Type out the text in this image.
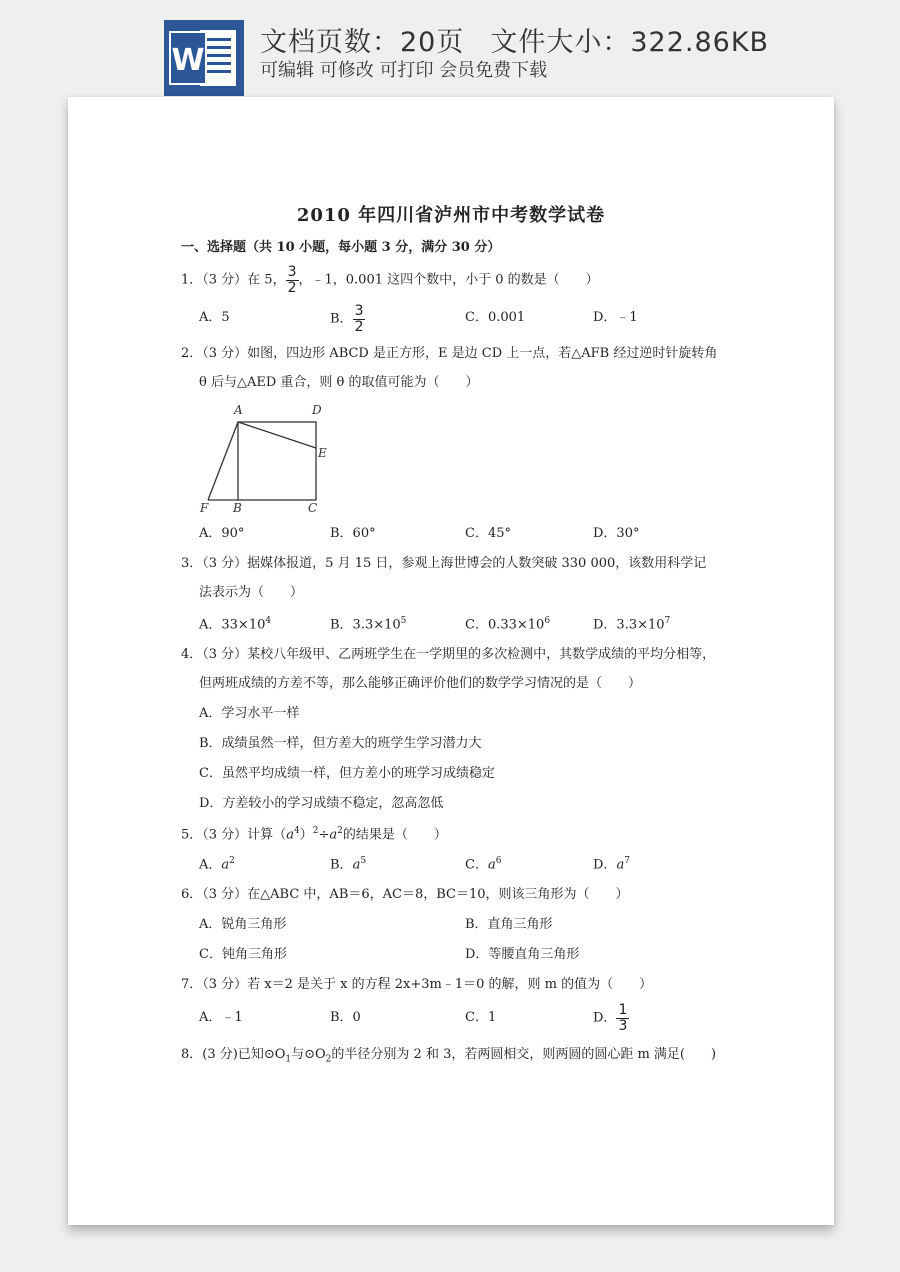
W
文档页数：20页 文件大小：322.86KB
可编辑 可修改 可打印 会员免费下载
2010 年四川省泸州市中考数学试卷
一、选择题（共 10 小题，每小题 3 分，满分 30 分）
1．（3 分）在 5， $\frac{3}{2}$ ，﹣1，0.001 这四个数中，小于 0 的数是（　　）
A．5	B． $\frac{3}{2}$	C．0.001	D．﹣1
2．（3 分）如图，四边形 ABCD 是正方形，E 是边 CD 上一点，若△AFB 经过逆时针旋转角
θ 后与△AED 重合，则 θ 的取值可能为（　　）
A	D
E
F B	C
A．90°	B．60°	C．45°	D．30°
3．（3 分）据媒体报道，5 月 15 日，参观上海世博会的人数突破 330 000，该数用科学记
法表示为（　　）
A．$33\times 10^4$	B．$3.3\times 10^5$	C．$0.33\times 10^6$	D．$3.3\times 10^7$
4．（3 分）某校八年级甲、乙两班学生在一学期里的多次检测中，其数学成绩的平均分相等，
但两班成绩的方差不等，那么能够正确评价他们的数学学习情况的是（　　）
A．学习水平一样
B．成绩虽然一样，但方差大的班学生学习潜力大
C．虽然平均成绩一样，但方差小的班学习成绩稳定
D．方差较小的学习成绩不稳定，忽高忽低
5．（3 分）计算$(a^4)^2\div a^2$的结果是（　　）
A．$a^2$	B．$a^5$	C．$a^6$	D．$a^7$
6．（3 分）在△ABC 中，AB＝6，AC＝8，BC＝10，则该三角形为（　　）
A．锐角三角形	B．直角三角形
C．钝角三角形	D．等腰直角三角形
7．（3 分）若 x＝2 是关于 x 的方程 2x+3m﹣1＝0 的解，则 m 的值为（　　）
A．﹣1	B．0	C．1	D． $\frac{1}{3}$
8．(3 分)已知$⊙O_1$与$⊙O_2$的半径分别为 2 和 3，若两圆相交，则两圆的圆心距 m 满足(　　)
